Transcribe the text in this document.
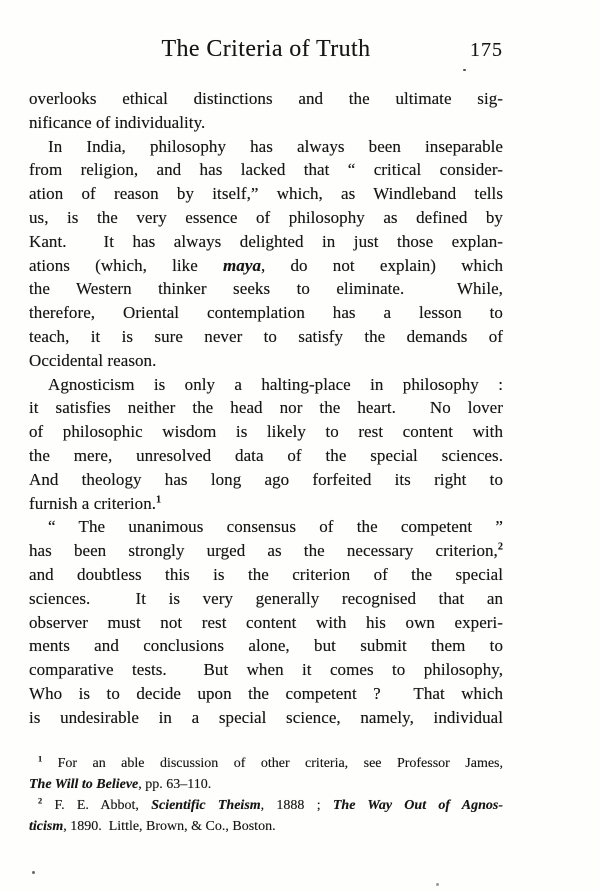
The Criteria of Truth	175
overlooks ethical distinctions and the ultimate sig-
nificance of individuality.
In India, philosophy has always been inseparable
from religion, and has lacked that “ critical consider-
ation of reason by itself,” which, as Windleband tells
us, is the very essence of philosophy as defined by
Kant.  It has always delighted in just those explan-
ations (which, like maya, do not explain) which
the Western thinker seeks to eliminate.  While,
therefore, Oriental contemplation has a lesson to
teach, it is sure never to satisfy the demands of
Occidental reason.
Agnosticism is only a halting-place in philosophy :
it satisfies neither the head nor the heart.  No lover
of philosophic wisdom is likely to rest content with
the mere, unresolved data of the special sciences.
And theology has long ago forfeited its right to
furnish a criterion.$^1$
“ The unanimous consensus of the competent ”
has been strongly urged as the necessary criterion,$^2$
and doubtless this is the criterion of the special
sciences.  It is very generally recognised that an
observer must not rest content with his own experi-
ments and conclusions alone, but submit them to
comparative tests.  But when it comes to philosophy,
Who is to decide upon the competent ?  That which
is undesirable in a special science, namely, individual
$^1$ For an able discussion of other criteria, see Professor James,
The Will to Believe, pp. 63–110.
$^2$ F. E. Abbot, Scientific Theism, 1888 ; The Way Out of Agnos-
ticism, 1890.  Little, Brown, & Co., Boston.
